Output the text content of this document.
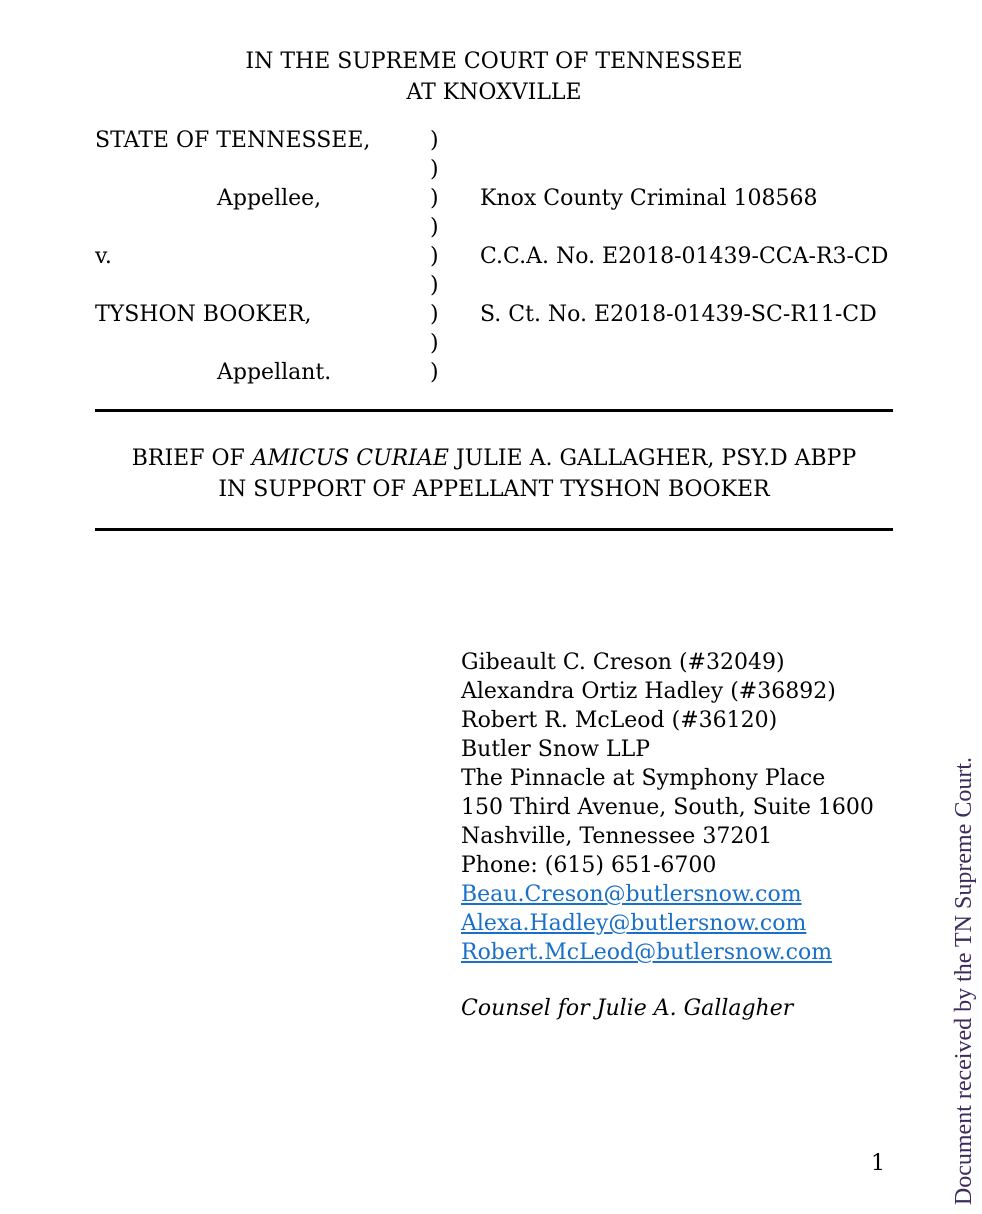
IN THE SUPREME COURT OF TENNESSEE
AT KNOXVILLE
STATE OF TENNESSEE,	)
)
Appellee,	)	Knox County Criminal 108568
)
v.	)	C.C.A. No. E2018-01439-CCA-R3-CD
)
TYSHON BOOKER,	)	S. Ct. No. E2018-01439-SC-R11-CD
)
Appellant.	)
BRIEF OF AMICUS CURIAE JULIE A. GALLAGHER, PSY.D ABPP
IN SUPPORT OF APPELLANT TYSHON BOOKER
Gibeault C. Creson (#32049)
Alexandra Ortiz Hadley (#36892)
Robert R. McLeod (#36120)
Butler Snow LLP
The Pinnacle at Symphony Place
150 Third Avenue, South, Suite 1600
Nashville, Tennessee 37201
Phone: (615) 651-6700
Beau.Creson@butlersnow.com
Alexa.Hadley@butlersnow.com
Robert.McLeod@butlersnow.com
Counsel for Julie A. Gallagher
1	Document received by the TN Supreme Court.
